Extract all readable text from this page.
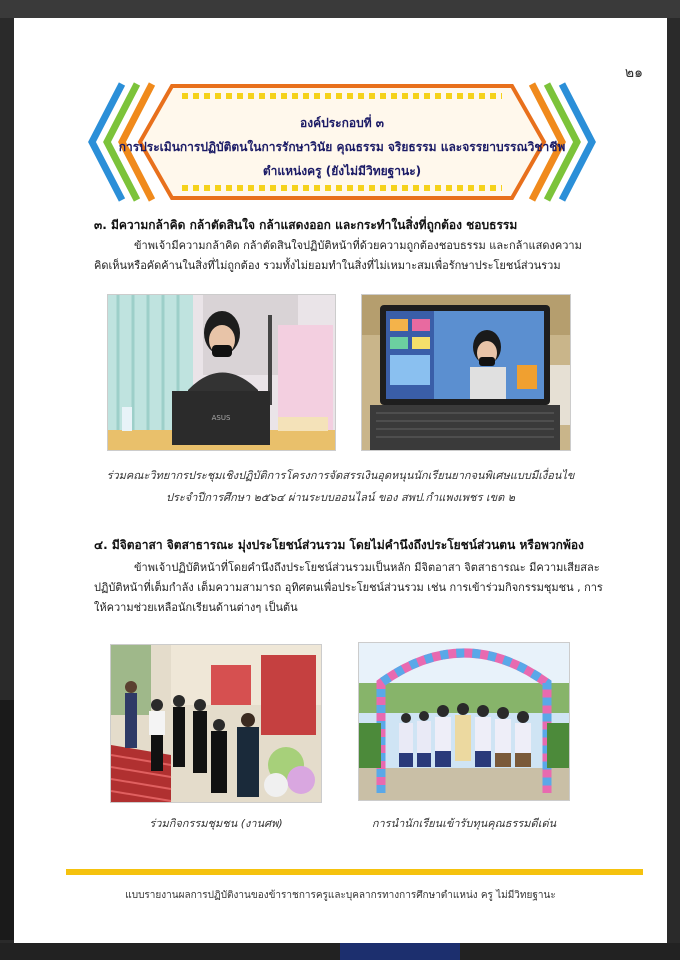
๒๑
องค์ประกอบที่ ๓
การประเมินการปฏิบัติตนในการรักษาวินัย คุณธรรม จริยธรรม และจรรยาบรรณวิชาชีพ
ตำแหน่งครู (ยังไม่มีวิทยฐานะ)
๓. มีความกล้าคิด กล้าตัดสินใจ กล้าแสดงออก และกระทำในสิ่งที่ถูกต้อง ชอบธรรม
ข้าพเจ้ามีความกล้าคิด กล้าตัดสินใจปฏิบัติหน้าที่ด้วยความถูกต้องชอบธรรม และกล้าแสดงความ
คิดเห็นหรือคัดค้านในสิ่งที่ไม่ถูกต้อง รวมทั้งไม่ยอมทำในสิ่งที่ไม่เหมาะสมเพื่อรักษาประโยชน์ส่วนรวม
ASUS
ร่วมคณะวิทยากรประชุมเชิงปฏิบัติการโครงการจัดสรรเงินอุดหนุนนักเรียนยากจนพิเศษแบบมีเงื่อนไข
ประจำปีการศึกษา ๒๕๖๔ ผ่านระบบออนไลน์ ของ สพป.กำแพงเพชร เขต ๒
๔. มีจิตอาสา จิตสาธารณะ มุ่งประโยชน์ส่วนรวม โดยไม่คำนึงถึงประโยชน์ส่วนตน หรือพวกพ้อง
ข้าพเจ้าปฏิบัติหน้าที่โดยคำนึงถึงประโยชน์ส่วนรวมเป็นหลัก มีจิตอาสา จิตสาธารณะ มีความเสียสละ
ปฏิบัติหน้าที่เต็มกำลัง เต็มความสามารถ อุทิศตนเพื่อประโยชน์ส่วนรวม เช่น การเข้าร่วมกิจกรรมชุมชน , การ
ให้ความช่วยเหลือนักเรียนด้านต่างๆ เป็นต้น
ร่วมกิจกรรมชุมชน (งานศพ)	การนำนักเรียนเข้ารับทุนคุณธรรมดีเด่น
แบบรายงานผลการปฏิบัติงานของข้าราชการครูและบุคลากรทางการศึกษาตำแหน่ง ครู ไม่มีวิทยฐานะ
